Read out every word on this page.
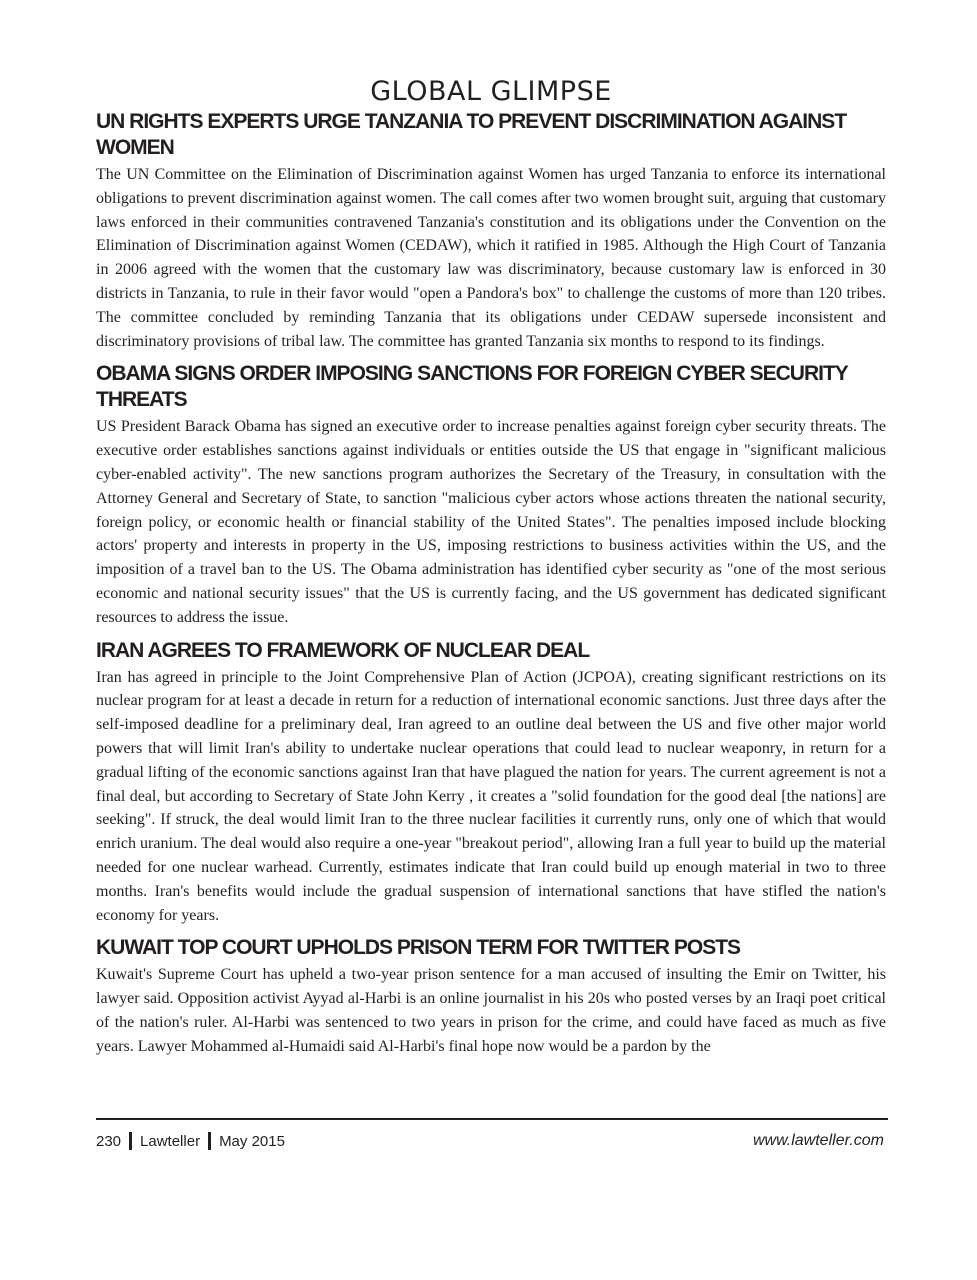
GLOBAL GLIMPSE
UN RIGHTS EXPERTS URGE TANZANIA TO PREVENT DISCRIMINATION AGAINST WOMEN

The UN Committee on the Elimination of Discrimination against Women has urged Tanzania to enforce its international obligations to prevent discrimination against women. The call comes after two women brought suit, arguing that customary laws enforced in their communities contravened Tanzania's constitution and its obligations under the Convention on the Elimination of Discrimination against Women (CEDAW), which it ratified in 1985. Although the High Court of Tanzania in 2006 agreed with the women that the customary law was discriminatory, because customary law is enforced in 30 districts in Tanzania, to rule in their favor would "open a Pandora's box" to challenge the customs of more than 120 tribes. The committee concluded by reminding Tanzania that its obligations under CEDAW supersede inconsistent and discriminatory provisions of tribal law. The committee has granted Tanzania six months to respond to its findings.

OBAMA SIGNS ORDER IMPOSING SANCTIONS FOR FOREIGN CYBER SECURITY THREATS

US President Barack Obama has signed an executive order to increase penalties against foreign cyber security threats. The executive order establishes sanctions against individuals or entities outside the US that engage in "significant malicious cyber-enabled activity". The new sanctions program authorizes the Secretary of the Treasury, in consultation with the Attorney General and Secretary of State, to sanction "malicious cyber actors whose actions threaten the national security, foreign policy, or economic health or financial stability of the United States". The penalties imposed include blocking actors' property and interests in property in the US, imposing restrictions to business activities within the US, and the imposition of a travel ban to the US. The Obama administration has identified cyber security as "one of the most serious economic and national security issues" that the US is currently facing, and the US government has dedicated significant resources to address the issue.

IRAN AGREES TO FRAMEWORK OF NUCLEAR DEAL

Iran has agreed in principle to the Joint Comprehensive Plan of Action (JCPOA), creating significant restrictions on its nuclear program for at least a decade in return for a reduction of international economic sanctions. Just three days after the self-imposed deadline for a preliminary deal, Iran agreed to an outline deal between the US and five other major world powers that will limit Iran's ability to undertake nuclear operations that could lead to nuclear weaponry, in return for a gradual lifting of the economic sanctions against Iran that have plagued the nation for years. The current agreement is not a final deal, but according to Secretary of State John Kerry , it creates a "solid foundation for the good deal [the nations] are seeking". If struck, the deal would limit Iran to the three nuclear facilities it currently runs, only one of which that would enrich uranium. The deal would also require a one-year "breakout period", allowing Iran a full year to build up the material needed for one nuclear warhead. Currently, estimates indicate that Iran could build up enough material in two to three months. Iran's benefits would include the gradual suspension of international sanctions that have stifled the nation's economy for years.

KUWAIT TOP COURT UPHOLDS PRISON TERM FOR TWITTER POSTS

Kuwait's Supreme Court has upheld a two-year prison sentence for a man accused of insulting the Emir on Twitter, his lawyer said. Opposition activist Ayyad al-Harbi is an online journalist in his 20s who posted verses by an Iraqi poet critical of the nation's ruler. Al-Harbi was sentenced to two years in prison for the crime, and could have faced as much as five years. Lawyer Mohammed al-Humaidi said Al-Harbi's final hope now would be a pardon by the

230 Lawteller May 2015	www.lawteller.com
